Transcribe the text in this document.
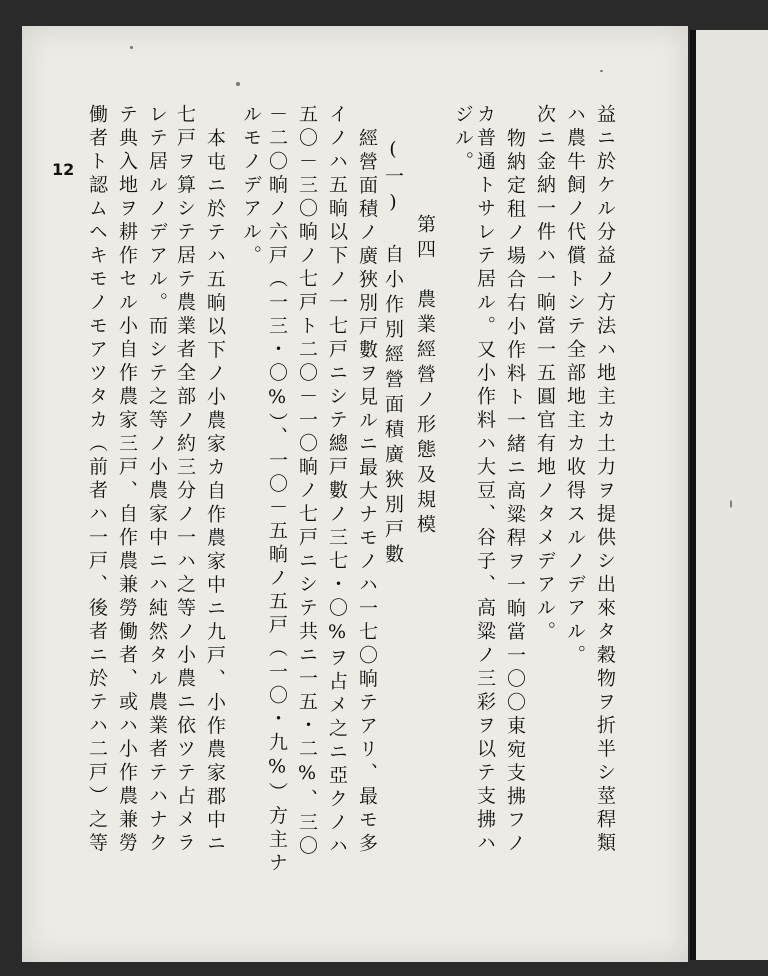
12	益ニ於ケル分益ノ方法ハ地主カ土力ヲ提供シ出來タ穀物ヲ折半シ莖稈類
ハ農牛飼ノ代償トシテ全部地主カ收得スルノデアル。
次ニ金納一件ハ一晌當一五圓官有地ノタメデアル。
物納定租ノ場合右小作料ト一緒ニ高粱稈ヲ一晌當一〇〇東宛支拂フノ
カ普通トサレテ居ル。又小作料ハ大豆、谷子、高粱ノ三彩ヲ以テ支拂ハ
ジル。
第四　農業經營ノ形態及規模
(一)　自小作別經營面積廣狹別戸數
經營面積ノ廣狹別戸數ヲ見ルニ最大ナモノハ一七〇晌テアリ、最モ多
イノハ五晌以下ノ一七戸ニシテ總戸數ノ三七・〇%ヲ占メ之ニ亞クノハ
五〇－三〇晌ノ七戸ト二〇－一〇晌ノ七戸ニシテ共ニ一五・二%、三〇
－二〇晌ノ六戸（一三・〇%）、一〇－五晌ノ五戸（一〇・九%）方主ナ
ルモノデアル。
本屯ニ於テハ五晌以下ノ小農家カ自作農家中ニ九戸、小作農家郡中ニ
七戸ヲ算シテ居テ農業者全部ノ約三分ノ一ハ之等ノ小農ニ依ツテ占メラ
レテ居ルノデアル。而シテ之等ノ小農家中ニハ純然タル農業者テハナク
テ典入地ヲ耕作セル小自作農家三戸、自作農兼勞働者、或ハ小作農兼勞
働者ト認ムヘキモノモアツタカ（前者ハ一戸、後者ニ於テハ二戸）之等
